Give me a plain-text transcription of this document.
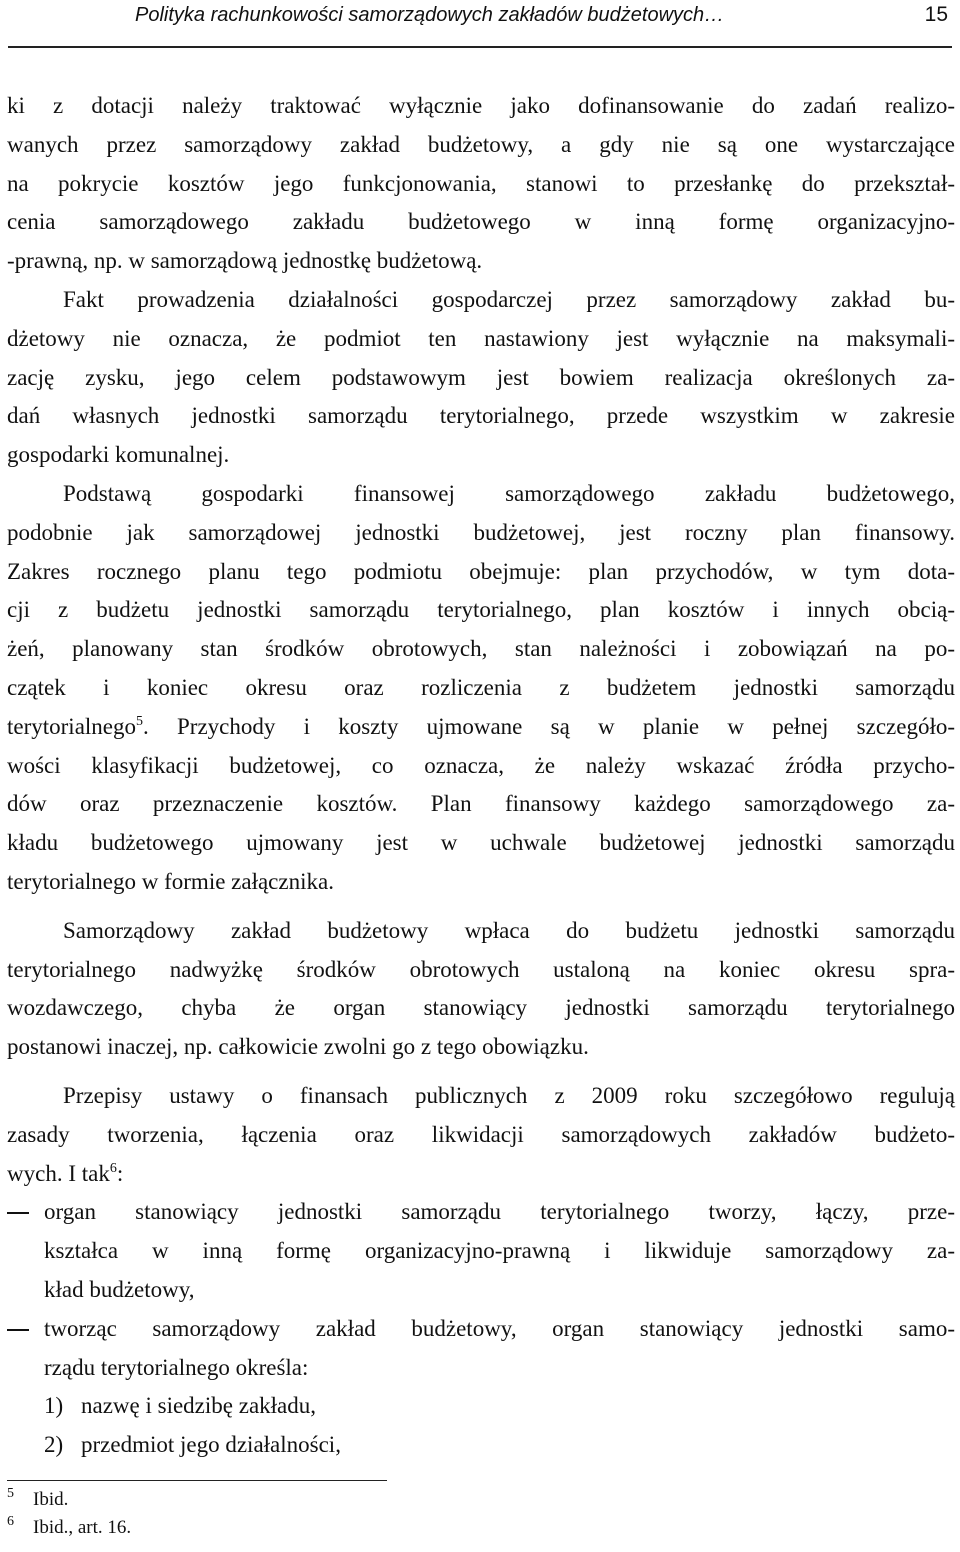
Polityka rachunkowości samorządowych zakładów budżetowych…	15

ki z dotacji należy traktować wyłącznie jako dofinansowanie do zadań realizo-

wanych przez samorządowy zakład budżetowy, a gdy nie są one wystarczające

na pokrycie kosztów jego funkcjonowania, stanowi to przesłankę do przekształ-

cenia samorządowego zakładu budżetowego w inną formę organizacyjno-

-prawną, np. w samorządową jednostkę budżetową.

Fakt prowadzenia działalności gospodarczej przez samorządowy zakład bu-

dżetowy nie oznacza, że podmiot ten nastawiony jest wyłącznie na maksymali-

zację zysku, jego celem podstawowym jest bowiem realizacja określonych za-

dań własnych jednostki samorządu terytorialnego, przede wszystkim w zakresie

gospodarki komunalnej.

Podstawą gospodarki finansowej samorządowego zakładu budżetowego,

podobnie jak samorządowej jednostki budżetowej, jest roczny plan finansowy.

Zakres rocznego planu tego podmiotu obejmuje: plan przychodów, w tym dota-

cji z budżetu jednostki samorządu terytorialnego, plan kosztów i innych obcią-

żeń, planowany stan środków obrotowych, stan należności i zobowiązań na po-

czątek i koniec okresu oraz rozliczenia z budżetem jednostki samorządu

terytorialnego$^5$. Przychody i koszty ujmowane są w planie w pełnej szczegóło-

wości klasyfikacji budżetowej, co oznacza, że należy wskazać źródła przycho-

dów oraz przeznaczenie kosztów. Plan finansowy każdego samorządowego za-

kładu budżetowego ujmowany jest w uchwale budżetowej jednostki samorządu

terytorialnego w formie załącznika.

Samorządowy zakład budżetowy wpłaca do budżetu jednostki samorządu

terytorialnego nadwyżkę środków obrotowych ustaloną na koniec okresu spra-

wozdawczego, chyba że organ stanowiący jednostki samorządu terytorialnego

postanowi inaczej, np. całkowicie zwolni go z tego obowiązku.

Przepisy ustawy o finansach publicznych z 2009 roku szczegółowo regulują

zasady tworzenia, łączenia oraz likwidacji samorządowych zakładów budżeto-

wych. I tak$^6$:

organ stanowiący jednostki samorządu terytorialnego tworzy, łączy, prze-

kształca w inną formę organizacyjno-prawną i likwiduje samorządowy za-

kład budżetowy,

tworząc samorządowy zakład budżetowy, organ stanowiący jednostki samo-

rządu terytorialnego określa:

1) nazwę i siedzibę zakładu,

2) przedmiot jego działalności,

5 Ibid.
6 Ibid., art. 16.
